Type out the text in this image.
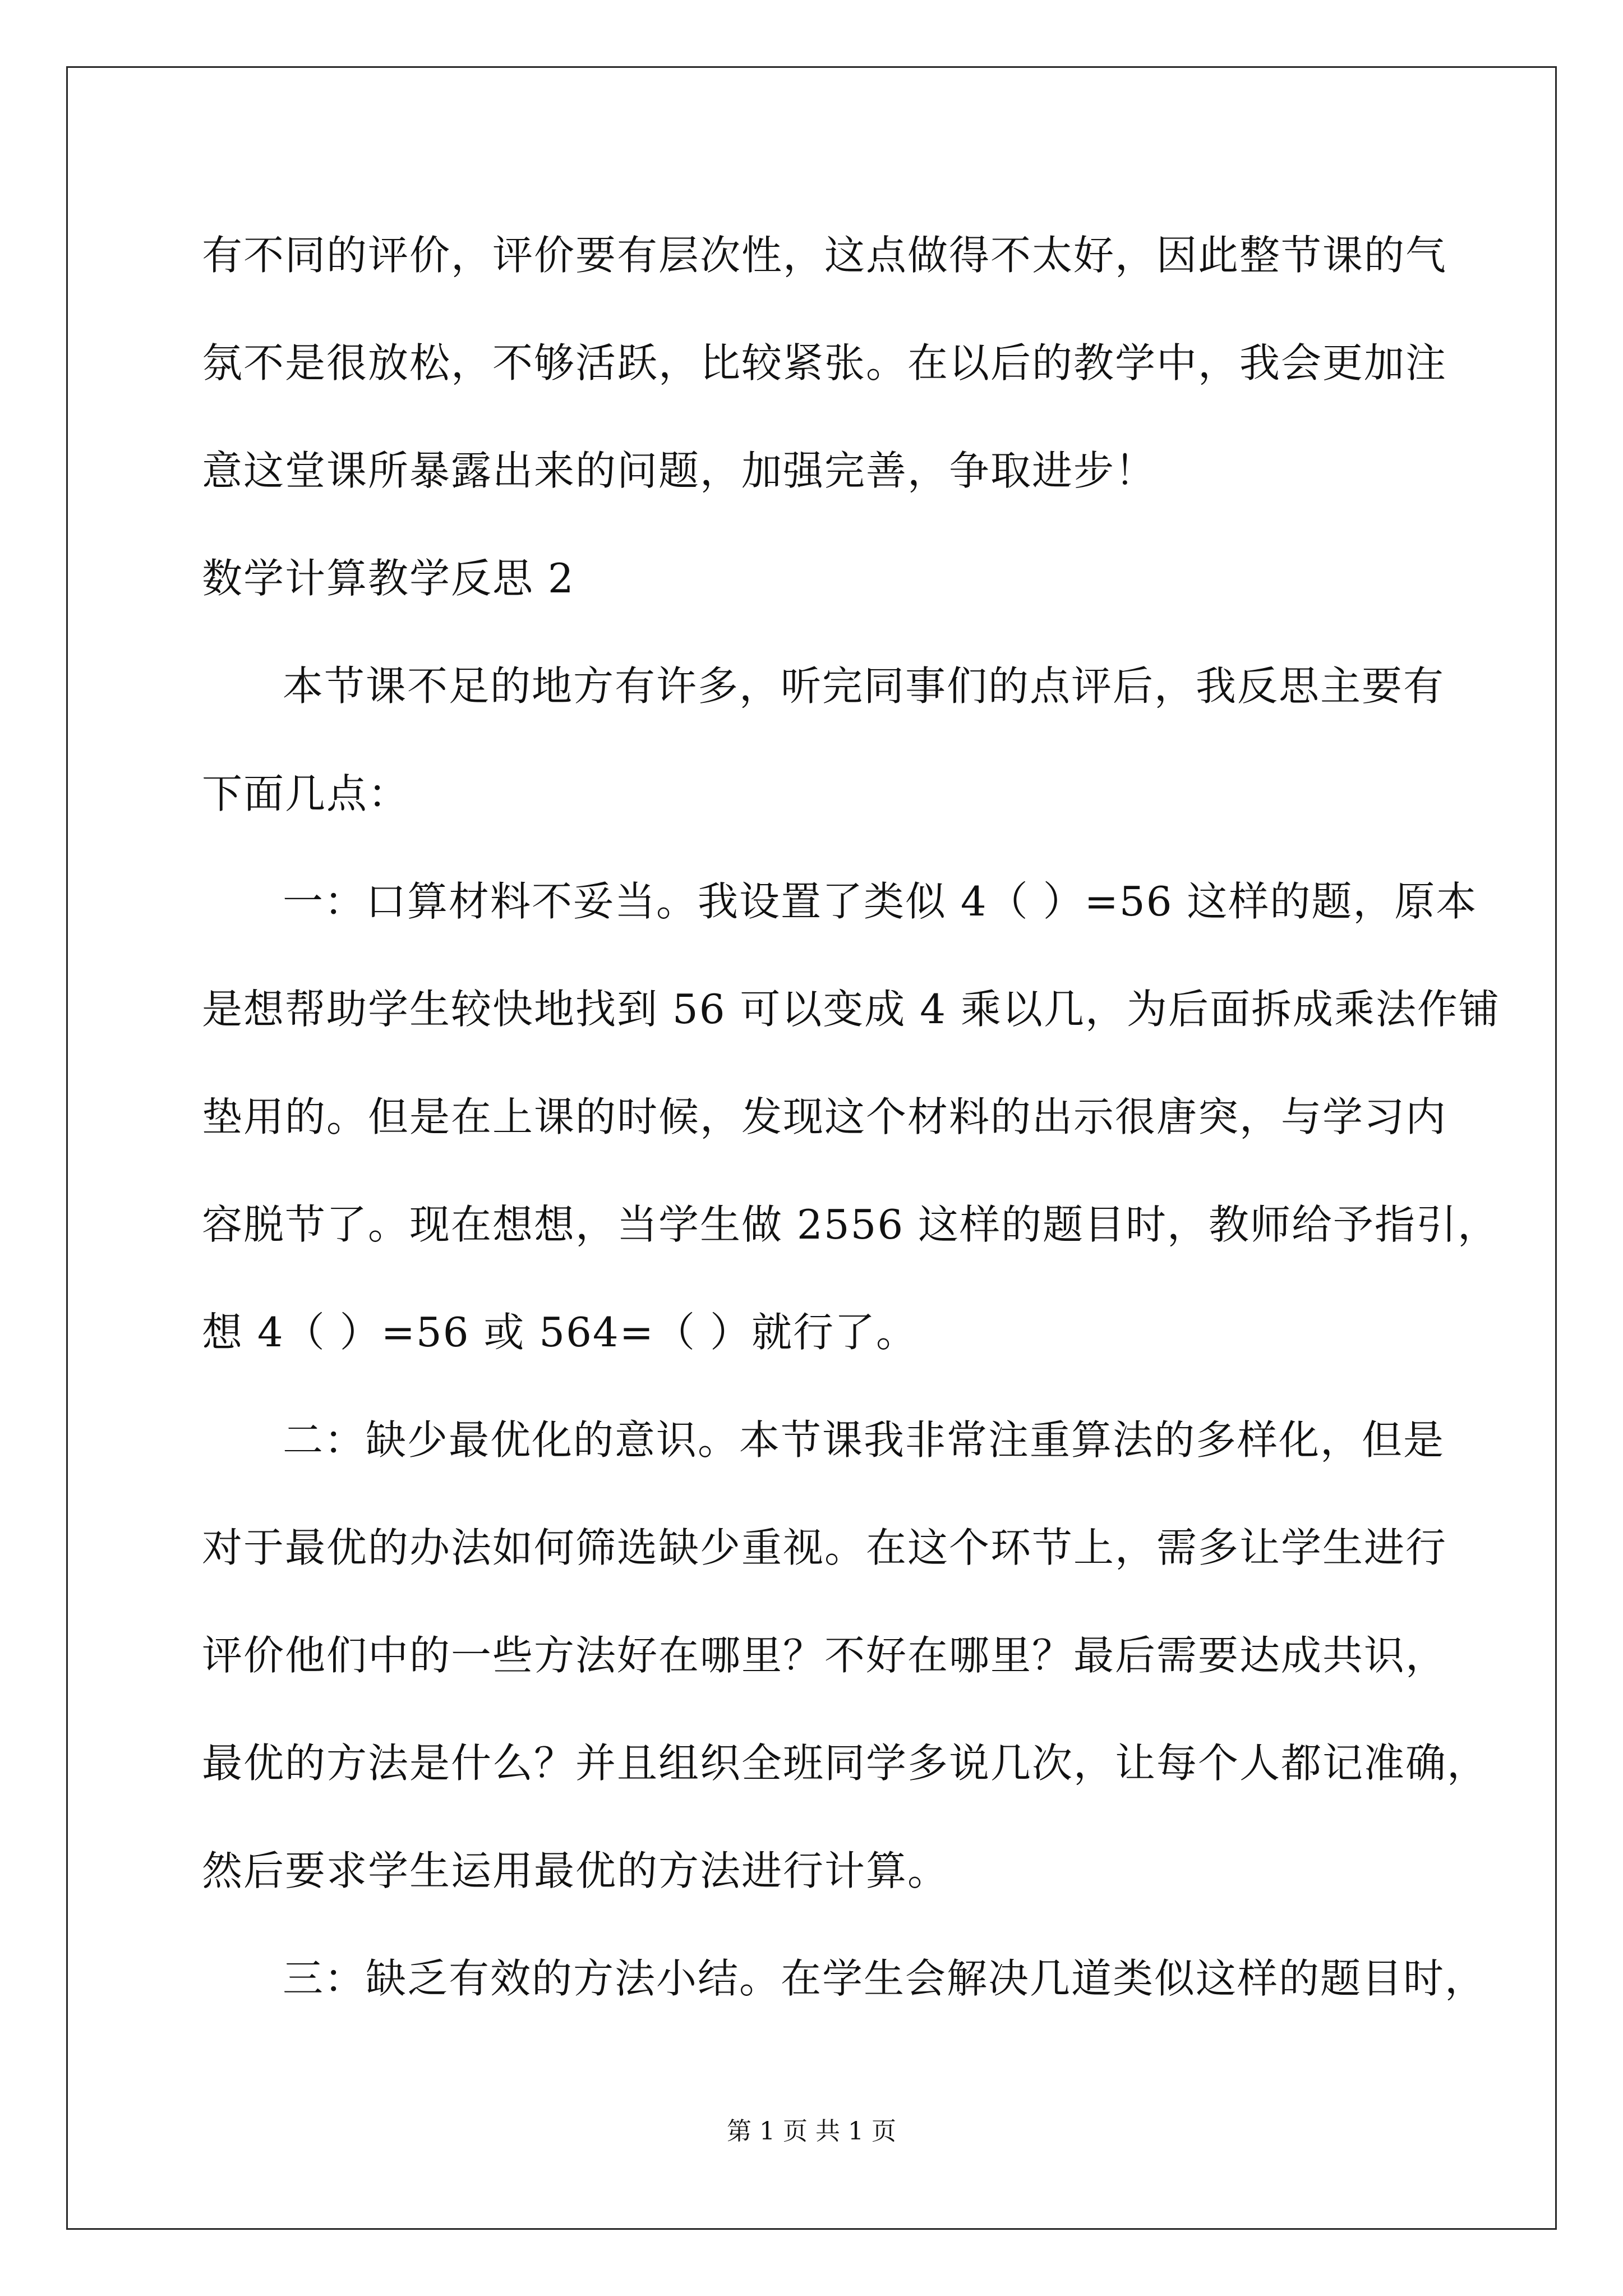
有不同的评价，评价要有层次性，这点做得不太好，因此整节课的气
氛不是很放松，不够活跃，比较紧张。在以后的教学中，我会更加注
意这堂课所暴露出来的问题，加强完善，争取进步！
数学计算教学反思 2
本节课不足的地方有许多，听完同事们的点评后，我反思主要有
下面几点：
一：口算材料不妥当。我设置了类似 4（ ）=56 这样的题，原本
是想帮助学生较快地找到 56 可以变成 4 乘以几，为后面拆成乘法作铺
垫用的。但是在上课的时候，发现这个材料的出示很唐突，与学习内
容脱节了。现在想想，当学生做 2556 这样的题目时，教师给予指引，
想 4（ ）=56 或 564=（ ）就行了。
二：缺少最优化的意识。本节课我非常注重算法的多样化，但是
对于最优的办法如何筛选缺少重视。在这个环节上，需多让学生进行
评价他们中的一些方法好在哪里？不好在哪里？最后需要达成共识，
最优的方法是什么？并且组织全班同学多说几次，让每个人都记准确，
然后要求学生运用最优的方法进行计算。
三：缺乏有效的方法小结。在学生会解决几道类似这样的题目时，
第 1 页 共 1 页
